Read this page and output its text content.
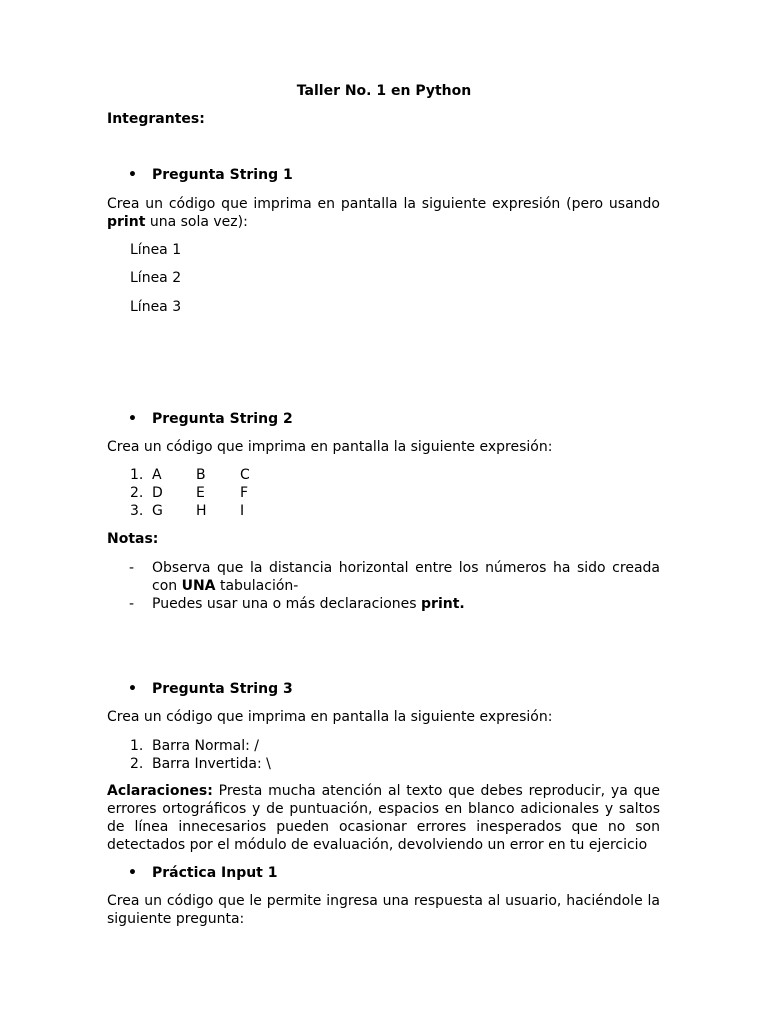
Taller No. 1 en Python
Integrantes:
• Pregunta String 1
Crea un código que imprima en pantalla la siguiente expresión (pero usando print una sola vez):
Línea 1
Línea 2
Línea 3
• Pregunta String 2
Crea un código que imprima en pantalla la siguiente expresión:
1. A B C
2. D E	F
3. G H I
Notas:
- Observa que la distancia horizontal entre los números ha sido creada con UNA tabulación-
- Puedes usar una o más declaraciones print.
• Pregunta String 3
Crea un código que imprima en pantalla la siguiente expresión:
1. Barra Normal: /
2. Barra Invertida: \
Aclaraciones: Presta mucha atención al texto que debes reproducir, ya que errores ortográficos y de puntuación, espacios en blanco adicionales y saltos de línea innecesarios pueden ocasionar errores inesperados que no son detectados por el módulo de evaluación, devolviendo un error en tu ejercicio
• Práctica Input 1
Crea un código que le permite ingresa una respuesta al usuario, haciéndole la siguiente pregunta:
